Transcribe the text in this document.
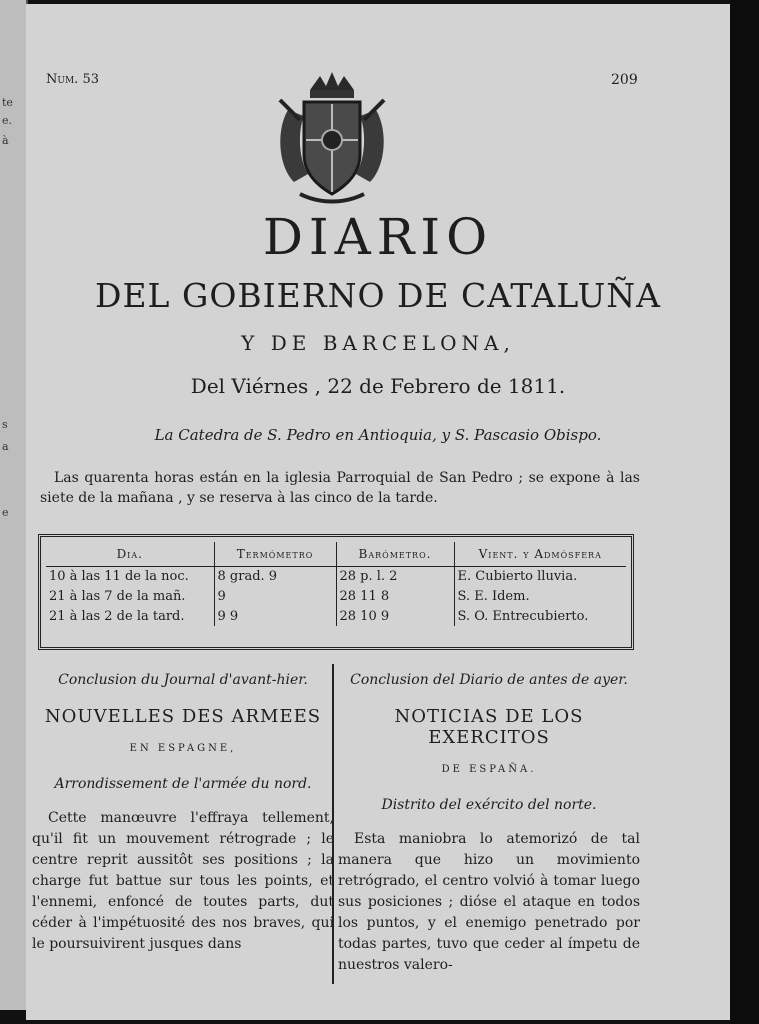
te
e.
à
s
a
e
Num. 53	209
DIARIO
DEL GOBIERNO DE CATALUÑA
Y DE BARCELONA,
Del Viérnes , 22 de Febrero de 1811.
La Catedra de S. Pedro en Antioquia, y S. Pascasio Obispo.

Las quarenta horas están en la iglesia Parroquial de San Pedro ; se expone à las siete de la mañana , y se reserva à las cinco de la tarde.

Dia.	Termómetro	Barómetro.	Vient. y Admósfera
10 à las 11 de la noc.	8 grad. 9	28 p. l. 2	E. Cubierto lluvia.
21 à las 7 de la mañ.	9	28 11 8	S. E. Idem.
21 à las 2 de la tard.	9 9	28 10 9	S. O. Entrecubierto.
Conclusion du Journal d'avant-hier.
NOUVELLES DES ARMEES
EN ESPAGNE,
Arrondissement de l'armée du nord.

Cette manœuvre l'effraya tellement, qu'il fit un mouvement rétrograde ; le centre reprit aussitôt ses positions ; la charge fut battue sur tous les points, et l'ennemi, enfoncé de toutes parts, dut céder à l'impétuosité des nos braves, qui le poursuivirent jusques dans

Conclusion del Diario de antes de ayer.
NOTICIAS DE LOS EXERCITOS
DE ESPAÑA.
Distrito del exército del norte.

Esta maniobra lo atemorizó de tal manera que hizo un movimiento retrógrado, el centro volvió à tomar luego sus posiciones ; dióse el ataque en todos los puntos, y el enemigo penetrado por todas partes, tuvo que ceder al ímpetu de nuestros valero-
